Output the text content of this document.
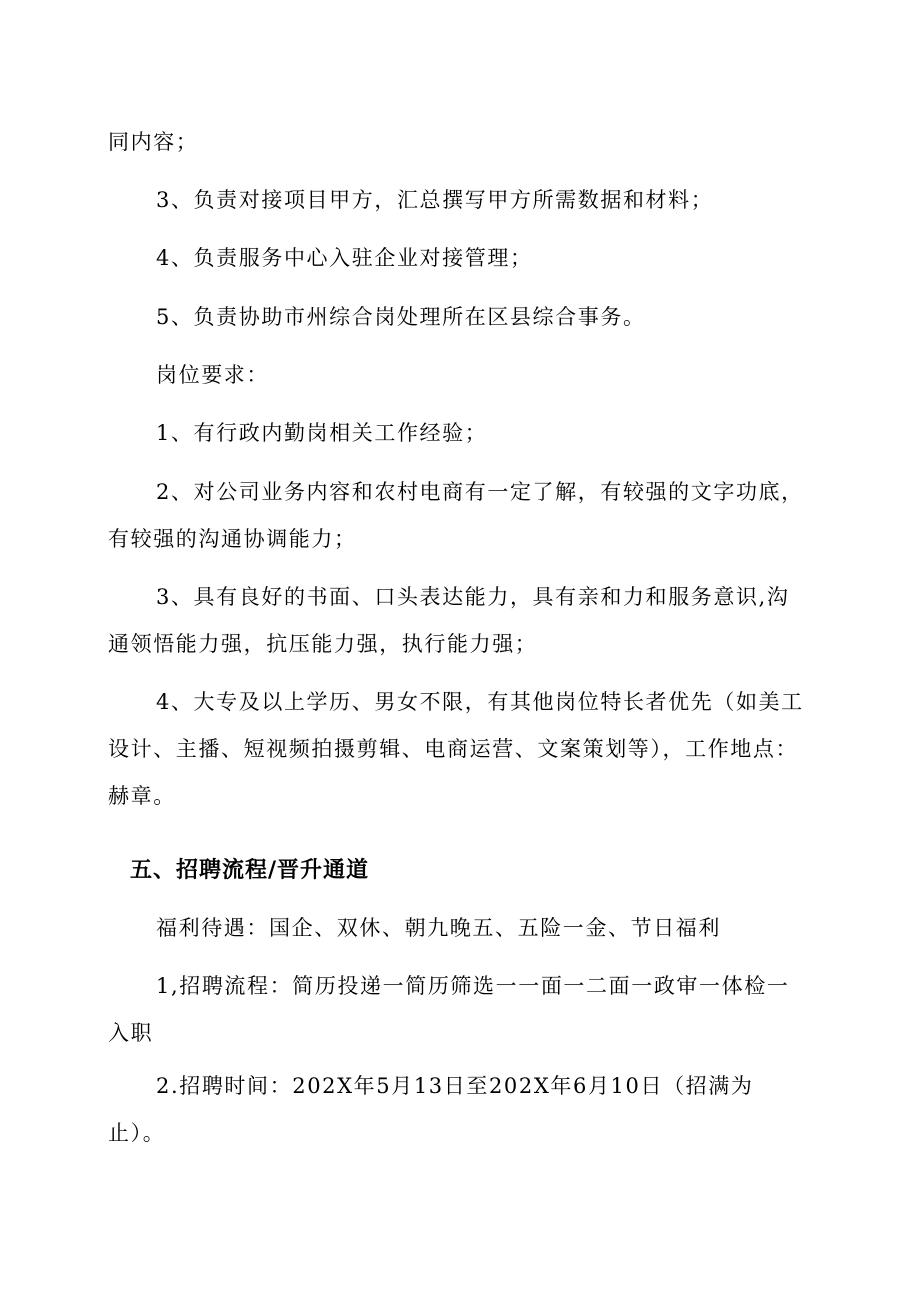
同内容；
3、负责对接项目甲方，汇总撰写甲方所需数据和材料；
4、负责服务中心入驻企业对接管理；
5、负责协助市州综合岗处理所在区县综合事务。
岗位要求：
1、有行政内勤岗相关工作经验；
2、对公司业务内容和农村电商有一定了解，有较强的文字功底，有较强的沟通协调能力；
3、具有良好的书面、口头表达能力，具有亲和力和服务意识,沟通领悟能力强，抗压能力强，执行能力强；
4、大专及以上学历、男女不限，有其他岗位特长者优先（如美工设计、主播、短视频拍摄剪辑、电商运营、文案策划等），工作地点：赫章。
五、招聘流程/晋升通道
福利待遇：国企、双休、朝九晚五、五险一金、节日福利
1,招聘流程：简历投递一简历筛选一一面一二面一政审一体检一入职
2.招聘时间：202X年5月13日至202X年6月10日（招满为止）。
